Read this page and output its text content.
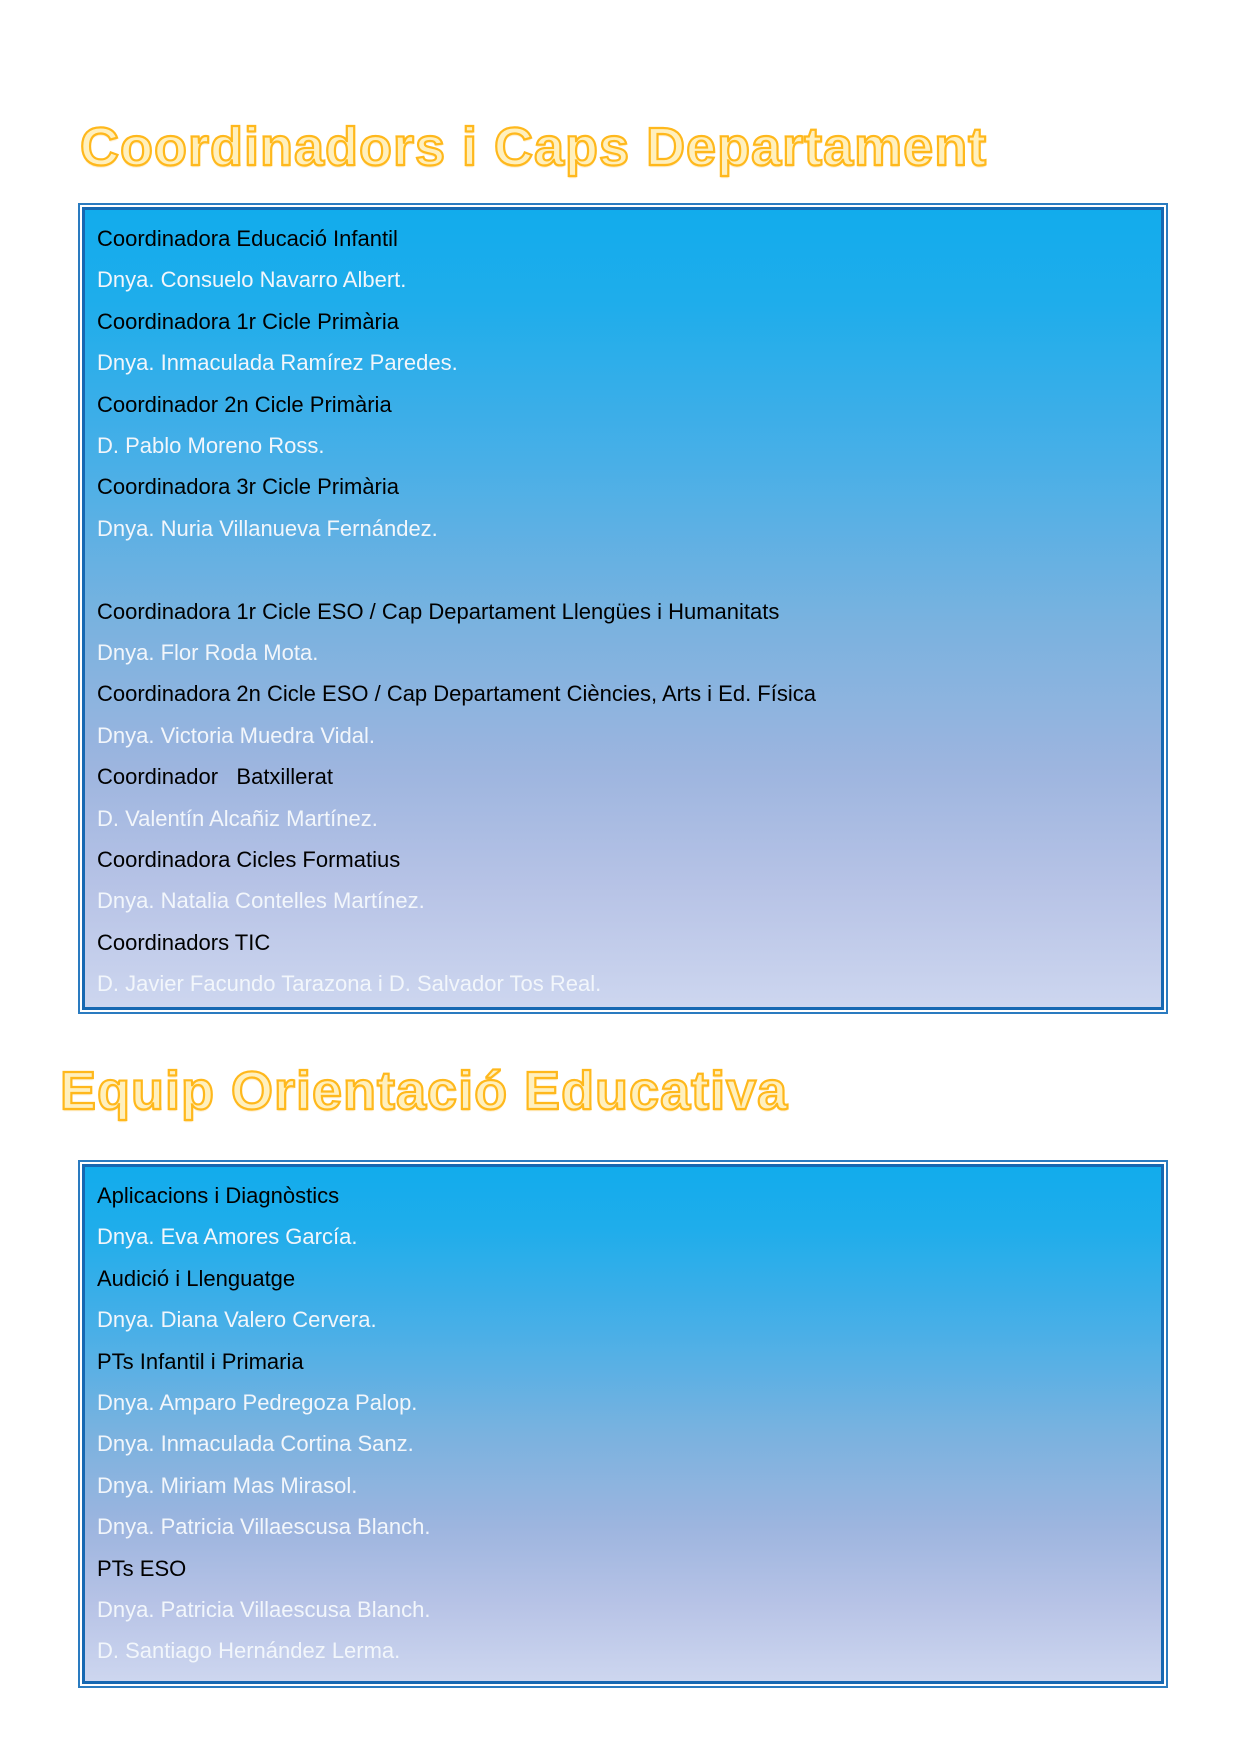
Coordinadors i Caps Departament
Coordinadora Educació Infantil
Dnya. Consuelo Navarro Albert.
Coordinadora 1r Cicle Primària
Dnya. Inmaculada Ramírez Paredes.
Coordinador 2n Cicle Primària
D. Pablo Moreno Ross.
Coordinadora 3r Cicle Primària
Dnya. Nuria Villanueva Fernández.
Coordinadora 1r Cicle ESO / Cap Departament Llengües i Humanitats
Dnya. Flor Roda Mota.
Coordinadora 2n Cicle ESO / Cap Departament Ciències, Arts i Ed. Física
Dnya. Victoria Muedra Vidal.
Coordinador   Batxillerat
D. Valentín Alcañiz Martínez.
Coordinadora Cicles Formatius
Dnya. Natalia Contelles Martínez.
Coordinadors TIC
D. Javier Facundo Tarazona i D. Salvador Tos Real.
Equip Orientació Educativa
Aplicacions i Diagnòstics
Dnya. Eva Amores García.
Audició i Llenguatge
Dnya. Diana Valero Cervera.
PTs Infantil i Primaria
Dnya. Amparo Pedregoza Palop.
Dnya. Inmaculada Cortina Sanz.
Dnya. Miriam Mas Mirasol.
Dnya. Patricia Villaescusa Blanch.
PTs ESO
Dnya. Patricia Villaescusa Blanch.
D. Santiago Hernández Lerma.
